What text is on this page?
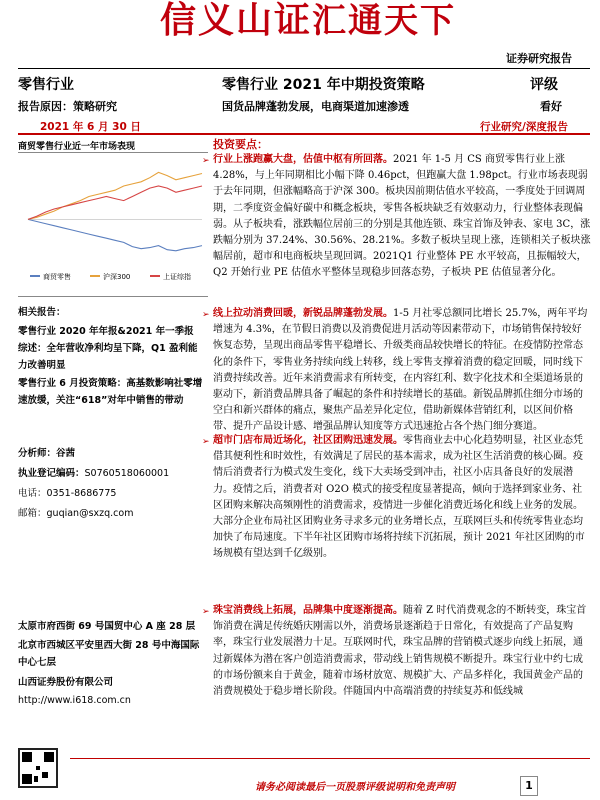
信义山证汇通天下
证券研究报告
零售行业	零售行业 2021 年中期投资策略	评级
报告原因：策略研究	国货品牌蓬勃发展，电商渠道加速渗透	看好
2021 年 6 月 30 日	行业研究/深度报告
商贸零售行业近一年市场表现
商贸零售	沪深300	上证综指
相关报告：
零售行业 2020 年年报&2021 年一季报综述：全年营收净利均呈下降，Q1 盈利能力改善明显
零售行业 6 月投资策略：高基数影响社零增速放缓，关注“618”对年中销售的带动
分析师：谷茜
执业登记编码：S0760518060001
电话：0351-8686775
邮箱：guqian@sxzq.com
太原市府西街 69 号国贸中心 A 座 28 层
北京市西城区平安里西大街 28 号中海国际中心七层
山西证券股份有限公司
http://www.i618.com.cn
投资要点：

➢ 行业上涨跑赢大盘，估值中枢有所回落。2021 年 1-5 月 CS 商贸零售行业上涨 4.28%，与上年同期相比小幅下降 0.46pct，但跑赢大盘 1.98pct。行业市场表现弱于去年同期，但涨幅略高于沪深 300。板块因前期估值水平较高，一季度处于回调周期，二季度资金偏好碳中和概念板块，零售各板块缺乏有效驱动力，行业整体表现偏弱。从子板块看，涨跌幅位居前三的分别是其他连锁、珠宝首饰及钟表、家电 3C，涨跌幅分别为 37.24%、30.56%、28.21%。多数子板块呈现上涨，连锁相关子板块涨幅居前，超市和电商板块呈现回调。2021Q1 行业整体 PE 水平较高，且振幅较大，Q2 开始行业 PE 估值水平整体呈现稳步回落态势，子板块 PE 估值显著分化。

➢ 线上拉动消费回暖，新锐品牌蓬勃发展。1-5 月社零总额同比增长 25.7%，两年平均增速为 4.3%，在节假日消费以及消费促进月活动等因素带动下，市场销售保持较好恢复态势，呈现出商品零售平稳增长、升级类商品较快增长的特征。在疫情防控常态化的条件下，零售业务持续向线上转移，线上零售支撑着消费的稳定回暖，同时线下消费持续改善。近年来消费需求有所转变，在内容红利、数字化技术和全渠道场景的驱动下，新消费品牌具备了崛起的条件和持续增长的基础。新锐品牌抓住细分市场的空白和新兴群体的痛点，聚焦产品差异化定位，借助新媒体营销红利，以区间价格带、提升产品设计感、增强品牌认知度等方式迅速抢占各个热门细分赛道。

➢ 超市门店布局近场化，社区团购迅速发展。零售商业去中心化趋势明显，社区业态凭借其便利性和时效性，有效满足了居民的基本需求，成为社区生活消费的核心圈。疫情后消费者行为模式发生变化，线下大卖场受到冲击，社区小店具备良好的发展潜力。疫情之后，消费者对 O2O 模式的接受程度显著提高，倾向于选择到家业务、社区团购来解决高频刚性的消费需求，疫情进一步催化消费近场化和线上业务的发展。大部分企业布局社区团购业务寻求多元的业务增长点，互联网巨头和传统零售业态均加快了布局速度。下半年社区团购市场将持续下沉拓展，预计 2021 年社区团购的市场规模有望达到千亿级别。

➢ 珠宝消费线上拓展，品牌集中度逐渐提高。随着 Z 时代消费观念的不断转变，珠宝首饰消费在满足传统婚庆刚需以外，消费场景逐渐趋于日常化，有效提高了产品复购率，珠宝行业发展潜力十足。互联网时代，珠宝品牌的营销模式逐步向线上拓展，通过新媒体为潜在客户创造消费需求，带动线上销售规模不断提升。珠宝行业中约七成的市场份额来自于黄金，随着市场材放宽、规模扩大、产品多样化，我国黄金产品的消费规模处于稳步增长阶段。伴随国内中高端消费的持续复苏和低线城

请务必阅读最后一页股票评级说明和免责声明	1
